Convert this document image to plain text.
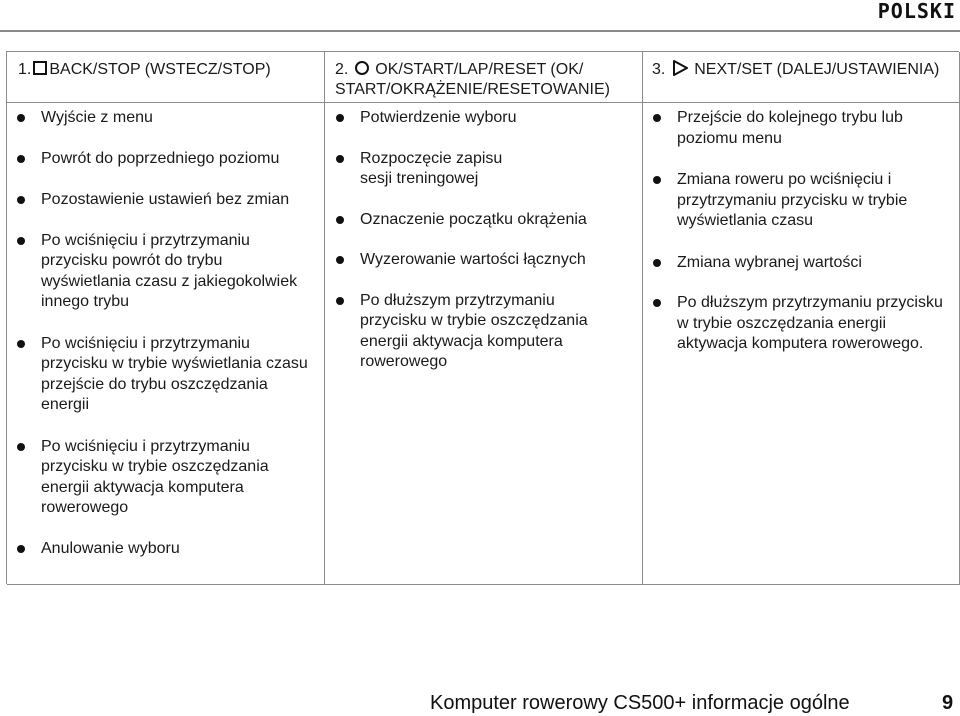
POLSKI
1. BACK/STOP (WSTECZ/STOP)	2. OK/START/LAP/RESET (OK/ START/OKRĄŻENIE/RESETOWANIE)
3. NEXT/SET (DALEJ/USTAWIENIA)
Wyjście z menu
Powrót do poprzedniego poziomu
Pozostawienie ustawień bez zmian
Po wciśnięciu i przytrzymaniu przycisku powrót do trybu wyświetlania czasu z jakiegokolwiek innego trybu
Po wciśnięciu i przytrzymaniu przycisku w trybie wyświetlania czasu przejście do trybu oszczędzania energii
Po wciśnięciu i przytrzymaniu przycisku w trybie oszczędzania energii aktywacja komputera rowerowego
Anulowanie wyboru
Potwierdzenie wyboru
Rozpoczęcie zapisu sesji treningowej
Oznaczenie początku okrążenia
Wyzerowanie wartości łącznych
Po dłuższym przytrzymaniu przycisku w trybie oszczędzania energii aktywacja komputera rowerowego
Przejście do kolejnego trybu lub poziomu menu
Zmiana roweru po wciśnięciu i przytrzymaniu przycisku w trybie wyświetlania czasu
Zmiana wybranej wartości
Po dłuższym przytrzymaniu przycisku w trybie oszczędzania energii aktywacja komputera rowerowego.
Komputer rowerowy CS500+ informacje ogólne	9
